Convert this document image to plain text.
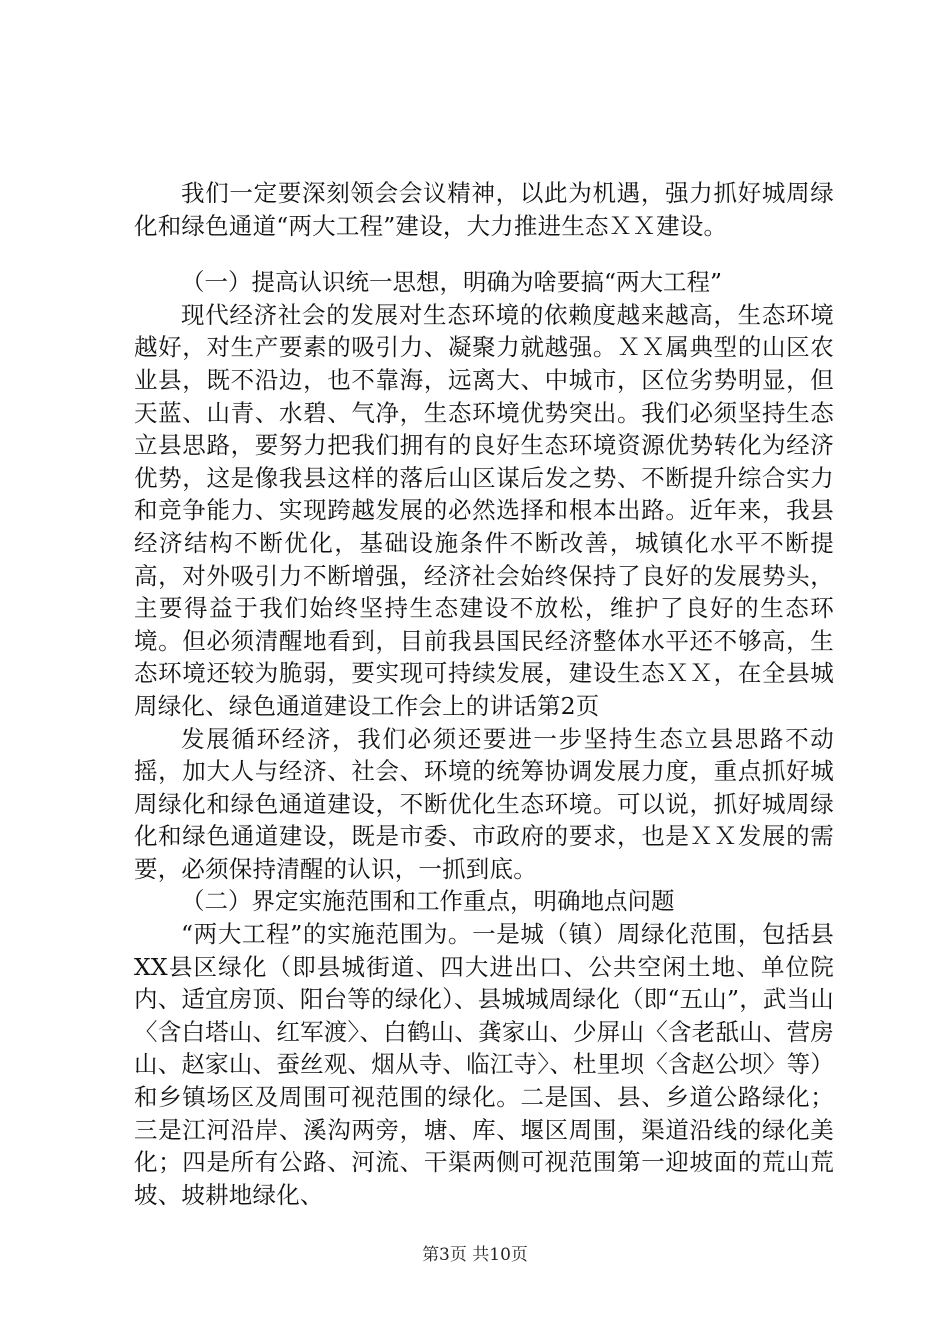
我们一定要深刻领会会议精神，以此为机遇，强力抓好城周绿化和绿色通道“两大工程”建设，大力推进生态ＸＸ建设。

（一）提高认识统一思想，明确为啥要搞“两大工程”

现代经济社会的发展对生态环境的依赖度越来越高，生态环境越好，对生产要素的吸引力、凝聚力就越强。ＸＸ属典型的山区农业县，既不沿边，也不靠海，远离大、中城市，区位劣势明显，但天蓝、山青、水碧、气净，生态环境优势突出。我们必须坚持生态立县思路，要努力把我们拥有的良好生态环境资源优势转化为经济优势，这是像我县这样的落后山区谋后发之势、不断提升综合实力和竞争能力、实现跨越发展的必然选择和根本出路。近年来，我县经济结构不断优化，基础设施条件不断改善，城镇化水平不断提高，对外吸引力不断增强，经济社会始终保持了良好的发展势头，主要得益于我们始终坚持生态建设不放松，维护了良好的生态环境。但必须清醒地看到，目前我县国民经济整体水平还不够高，生态环境还较为脆弱，要实现可持续发展，建设生态ＸＸ，在全县城周绿化、绿色通道建设工作会上的讲话第2页

发展循环经济，我们必须还要进一步坚持生态立县思路不动摇，加大人与经济、社会、环境的统筹协调发展力度，重点抓好城周绿化和绿色通道建设，不断优化生态环境。可以说，抓好城周绿化和绿色通道建设，既是市委、市政府的要求，也是ＸＸ发展的需要，必须保持清醒的认识，一抓到底。

（二）界定实施范围和工作重点，明确地点问题

“两大工程”的实施范围为。一是城（镇）周绿化范围，包括县XX县区绿化（即县城街道、四大进出口、公共空闲土地、单位院内、适宜房顶、阳台等的绿化）、县城城周绿化（即“五山”，武当山〈含白塔山、红军渡〉、白鹤山、龚家山、少屏山〈含老舐山、营房山、赵家山、蚕丝观、烟从寺、临江寺〉、杜里坝〈含赵公坝〉等）和乡镇场区及周围可视范围的绿化。二是国、县、乡道公路绿化；三是江河沿岸、溪沟两旁，塘、库、堰区周围，渠道沿线的绿化美化；四是所有公路、河流、干渠两侧可视范围第一迎坡面的荒山荒坡、坡耕地绿化、

第3页 共10页
